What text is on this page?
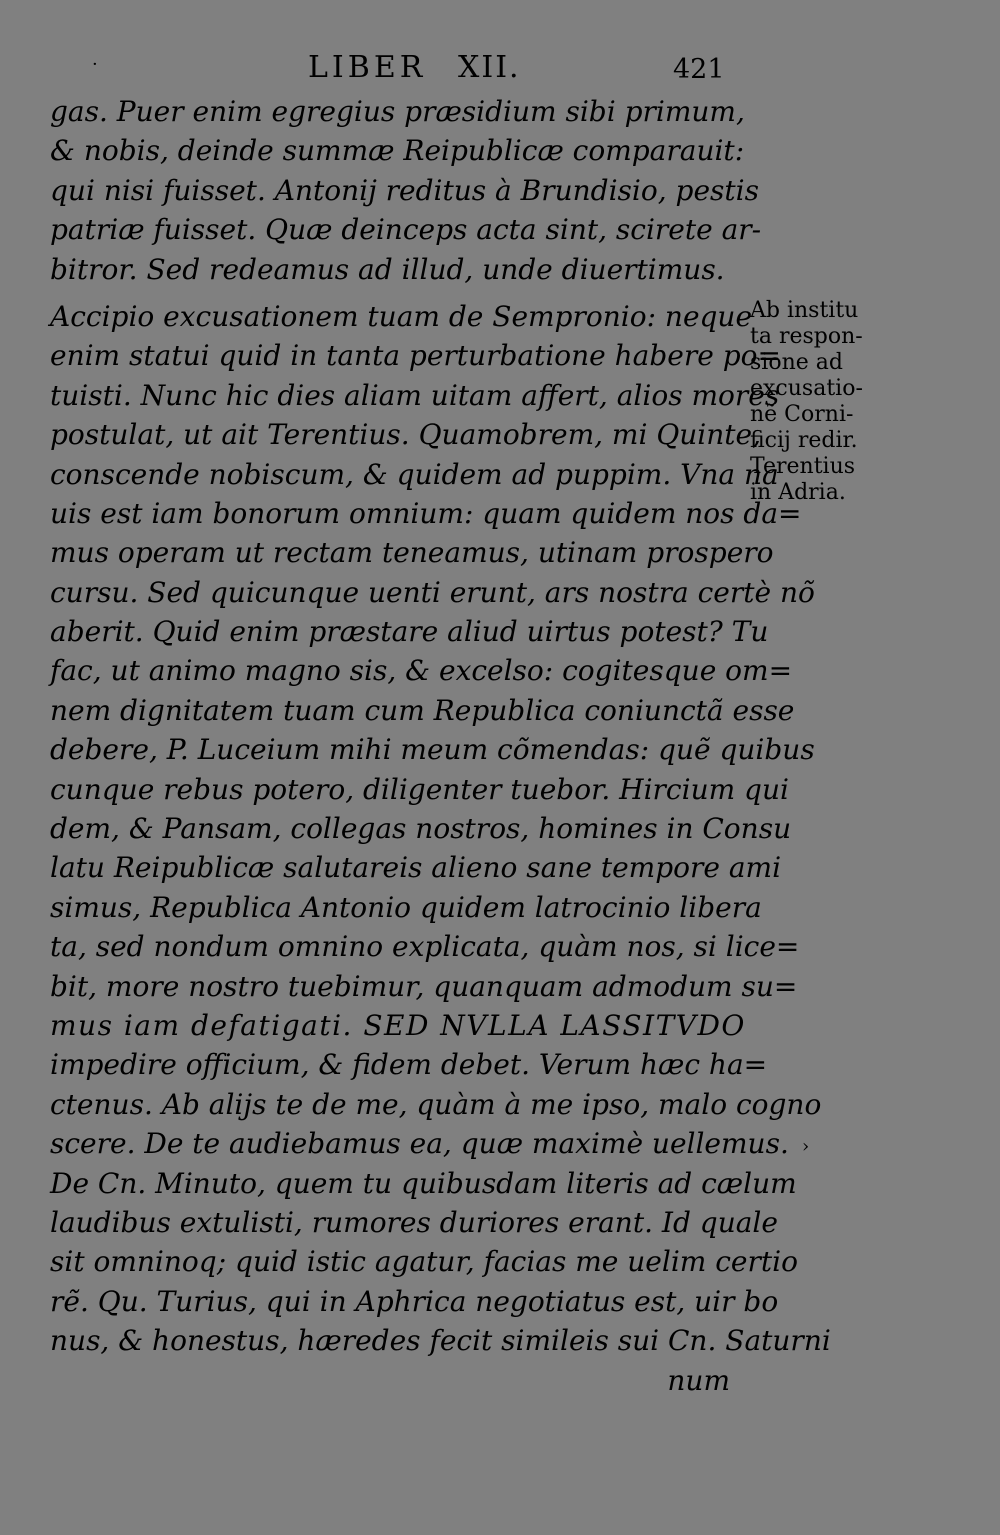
·	LIBER XII.	421
gas. Puer enim egregius præsidium sibi primum,
& nobis, deinde summæ Reipublicæ comparauit:
qui nisi fuisset. Antonij reditus à Brundisio, pestis
patriæ fuisset. Quæ deinceps acta sint, scirete ar-
bitror. Sed redeamus ad illud, unde diuertimus.
Accipio excusationem tuam de Sempronio: neque
enim statui quid in tanta perturbatione habere po=
tuisti. Nunc hic dies aliam uitam affert, alios mores
postulat, ut ait Terentius. Quamobrem, mi Quinte,
conscende nobiscum, & quidem ad puppim. Vna na
uis est iam bonorum omnium: quam quidem nos da=
mus operam ut rectam teneamus, utinam prospero
cursu. Sed quicunque uenti erunt, ars nostra certè nõ
aberit. Quid enim præstare aliud uirtus potest? Tu
fac, ut animo magno sis, & excelso: cogitesque om=
nem dignitatem tuam cum Republica coniunctã esse
debere, P. Luceium mihi meum cõmendas: quẽ quibus
cunque rebus potero, diligenter tuebor. Hircium qui
dem, & Pansam, collegas nostros, homines in Consu
latu Reipublicæ salutareis alieno sane tempore ami
simus, Republica Antonio quidem latrocinio libera
ta, sed nondum omnino explicata, quàm nos, si lice=
bit, more nostro tuebimur, quanquam admodum su=
mus iam defatigati. SED NVLLA LASSITVDO
impedire officium, & fidem debet. Verum hæc ha=
ctenus. Ab alijs te de me, quàm à me ipso, malo cogno
scere. De te audiebamus ea, quæ maximè uellemus.
De Cn. Minuto, quem tu quibusdam literis ad cælum
laudibus extulisti, rumores duriores erant. Id quale
sit omninoq; quid istic agatur, facias me uelim certio
rẽ. Qu. Turius, qui in Aphrica negotiatus est, uir bo
nus, & honestus, hæredes fecit simileis sui Cn. Saturni
num
Ab institu
ta respon-
sione ad
excusatio-
nẽ Corni-
ficij redir.
Terentius
in Adria.
›
